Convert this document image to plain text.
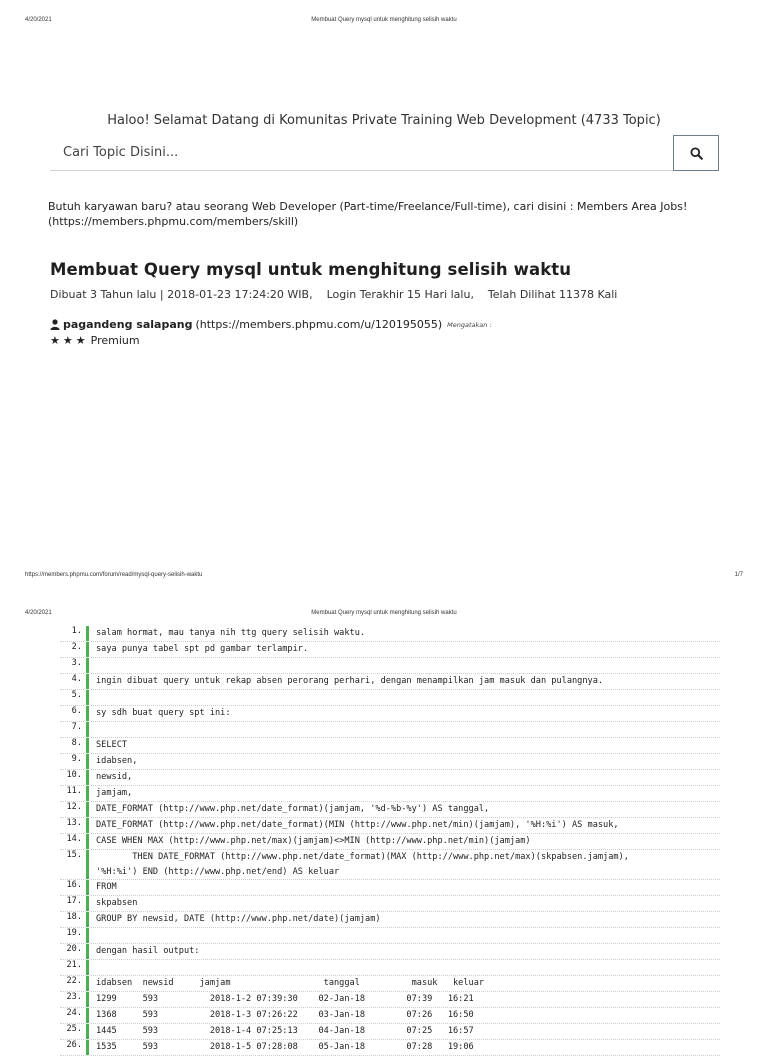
4/20/2021	Membuat Query mysql untuk menghitung selisih waktu
Haloo! Selamat Datang di Komunitas Private Training Web Development (4733 Topic)
Cari Topic Disini...
Butuh karyawan baru? atau seorang Web Developer (Part-time/Freelance/Full-time), cari disini : Members Area Jobs!
(https://members.phpmu.com/members/skill)
Membuat Query mysql untuk menghitung selisih waktu
Dibuat 3 Tahun lalu | 2018-01-23 17:24:20 WIB,    Login Terakhir 15 Hari lalu,    Telah Dilihat 11378 Kali
pagandeng salapang (https://members.phpmu.com/u/120195055) Mengatakan :
★ ★ ★ Premium
https://members.phpmu.com/forum/read/mysql-query-selisih-waktu	1/7
4/20/2021	Membuat Query mysql untuk menghitung selisih waktu
1.	salam hormat, mau tanya nih ttg query selisih waktu.
2.	saya punya tabel spt pd gambar terlampir.
3.
4.	ingin dibuat query untuk rekap absen perorang perhari, dengan menampilkan jam masuk dan pulangnya.
5.
6.	sy sdh buat query spt ini:
7.
8.	SELECT
9.	idabsen,
10.	newsid,
11.	jamjam,
12.	DATE_FORMAT (http://www.php.net/date_format)(jamjam, '%d-%b-%y') AS tanggal,
13.	DATE_FORMAT (http://www.php.net/date_format)(MIN (http://www.php.net/min)(jamjam), '%H:%i') AS masuk,
14.	CASE WHEN MAX (http://www.php.net/max)(jamjam)<>MIN (http://www.php.net/min)(jamjam)
15.	THEN DATE_FORMAT (http://www.php.net/date_format)(MAX (http://www.php.net/max)(skpabsen.jamjam),
'%H:%i') END (http://www.php.net/end) AS keluar
16.	FROM
17.	skpabsen
18.	GROUP BY newsid, DATE (http://www.php.net/date)(jamjam)
19.
20.	dengan hasil output:
21.
22.	idabsen  newsid     jamjam                  tanggal          masuk   keluar
23.	1299     593          2018-1-2 07:39:30    02-Jan-18        07:39   16:21
24.	1368     593          2018-1-3 07:26:22    03-Jan-18        07:26   16:50
25.	1445     593          2018-1-4 07:25:13    04-Jan-18        07:25   16:57
26.	1535     593          2018-1-5 07:28:08    05-Jan-18        07:28   19:06
